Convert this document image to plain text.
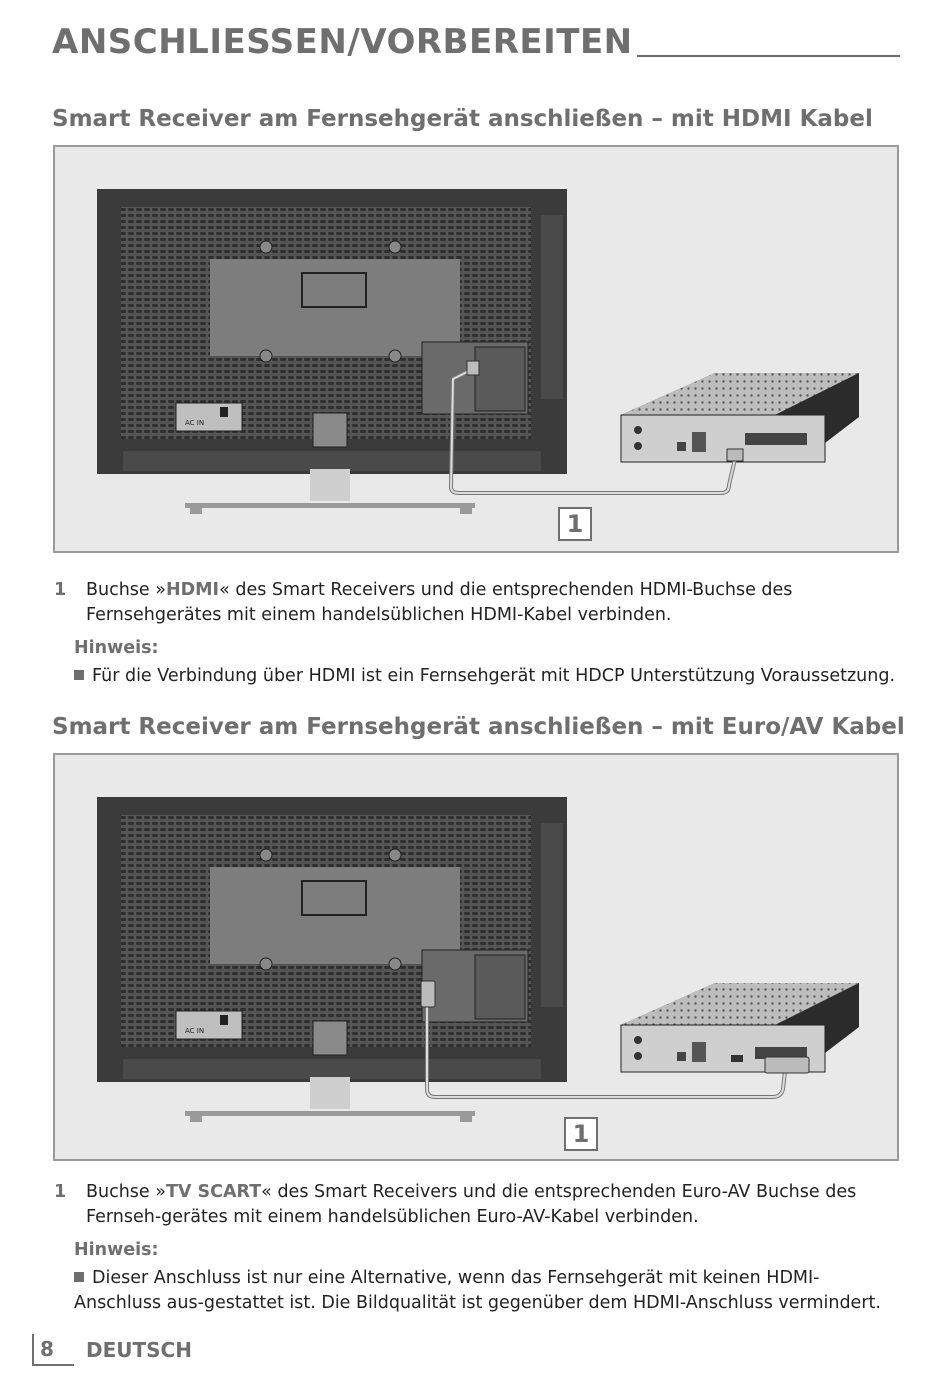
ANSCHLIESSEN/VORBEREITEN
Smart Receiver am Fernsehgerät anschließen – mit HDMI Kabel
AC IN
1
1 Buchse »HDMI« des Smart Receivers und die entsprechenden HDMI-Buchse des Fernsehgerätes mit einem handelsüblichen HDMI-Kabel verbinden.
Hinweis:
Für die Verbindung über HDMI ist ein Fernsehgerät mit HDCP Unterstützung Voraussetzung.
Smart Receiver am Fernsehgerät anschließen – mit Euro/AV Kabel
AC IN
1
1 Buchse »TV SCART« des Smart Receivers und die entsprechenden Euro-AV Buchse des Fernseh-gerätes mit einem handelsüblichen Euro-AV-Kabel verbinden.
Hinweis:
Dieser Anschluss ist nur eine Alternative, wenn das Fernsehgerät mit keinen HDMI-Anschluss aus-gestattet ist. Die Bildqualität ist gegenüber dem HDMI-Anschluss vermindert.
8 DEUTSCH
